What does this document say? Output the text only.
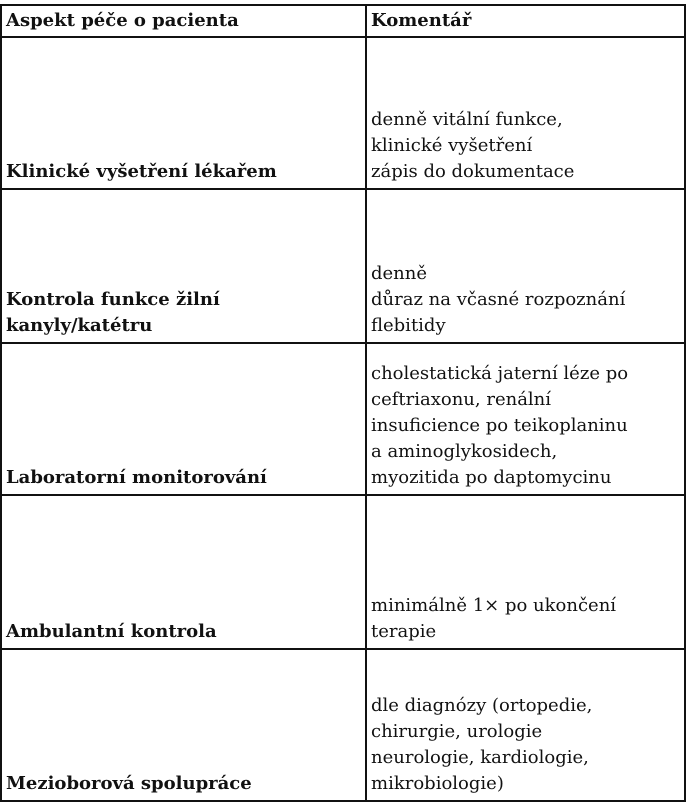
Aspekt péče o pacienta	Komentář

Klinické vyšetření lékařem	denně vitální funkce,
klinické vyšetření
zápis do dokumentace

Kontrola funkce žilní
kanyly/katétru	denně
důraz na včasné rozpoznání
flebitidy

Laboratorní monitorování	cholestatická jaterní léze po
ceftriaxonu, renální
insuficience po teikoplaninu
a aminoglykosidech,
myozitida po daptomycinu

Ambulantní kontrola	minimálně 1× po ukončení
terapie

Mezioborová spolupráce	dle diagnózy (ortopedie,
chirurgie, urologie
neurologie, kardiologie,
mikrobiologie)
